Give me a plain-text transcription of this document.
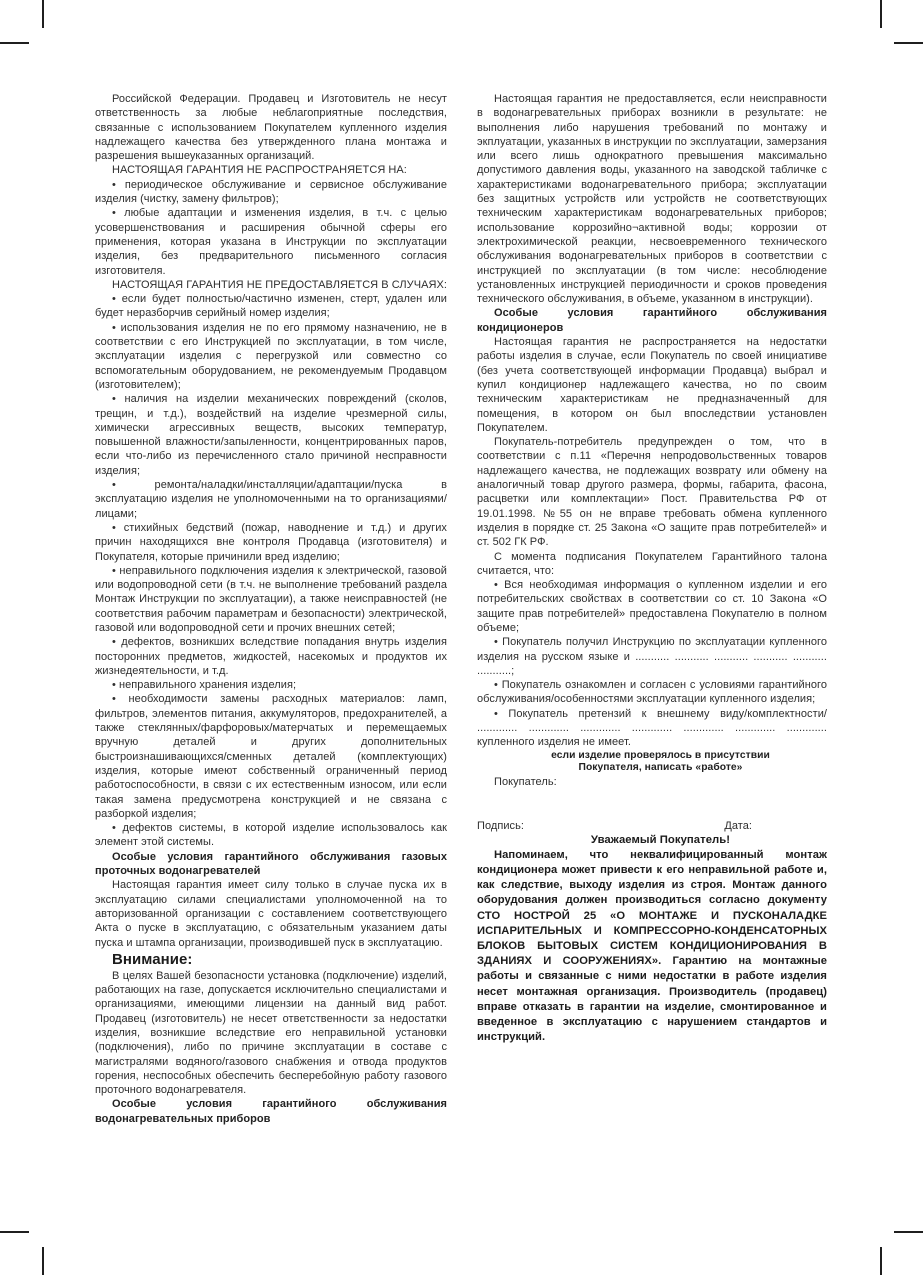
Российской Федерации. Продавец и Изготовитель не несут ответственность за любые неблагоприятные последствия, связанные с использованием Покупателем купленного изделия надлежащего качества без утвержденного плана монтажа и разрешения вышеуказанных организаций.

НАСТОЯЩАЯ ГАРАНТИЯ НЕ РАСПРОСТРАНЯЕТСЯ НА:

• периодическое обслуживание и сервисное обслуживание изделия (чистку, замену фильтров);

• любые адаптации и изменения изделия, в т.ч. с целью усовершенствования и расширения обычной сферы его применения, которая указана в Инструкции по эксплуатации изделия, без предварительного письменного согласия изготовителя.

НАСТОЯЩАЯ ГАРАНТИЯ НЕ ПРЕДОСТАВЛЯЕТСЯ В СЛУЧАЯХ:

• если будет полностью/частично изменен, стерт, удален или будет неразборчив серийный номер изделия;

• использования изделия не по его прямому назначению, не в соответствии с его Инструкцией по эксплуатации, в том числе, эксплуатации изделия с перегрузкой или совместно со вспомогательным оборудованием, не рекомендуемым Продавцом (изготовителем);

• наличия на изделии механических повреждений (сколов, трещин, и т.д.), воздействий на изделие чрезмерной силы, химически агрессивных веществ, высоких температур, повышенной влажности/запыленности, концентрированных паров, если что-либо из перечисленного стало причиной несправности изделия;

• ремонта/наладки/инсталляции/адаптации/пуска в эксплуатацию изделия не уполномоченными на то организациями/лицами;

• стихийных бедствий (пожар, наводнение и т.д.) и других причин находящихся вне контроля Продавца (изготовителя) и Покупателя, которые причинили вред изделию;

• неправильного подключения изделия к электрической, газовой или водопроводной сети (в т.ч. не выполнение требований раздела Монтаж Инструкции по эксплуатации), а также неисправностей (не соответствия рабочим параметрам и безопасности) электрической, газовой или водопроводной сети и прочих внешних сетей;

• дефектов, возникших вследствие попадания внутрь изделия посторонних предметов, жидкостей, насекомых и продуктов их жизнедеятельности, и т.д.

• неправильного хранения изделия;

• необходимости замены расходных материалов: ламп, фильтров, элементов питания, аккумуляторов, предохранителей, а также стеклянных/фарфоровых/матерчатых и перемещаемых вручную деталей и других дополнительных быстроизнашивающихся/сменных деталей (комплектующих) изделия, которые имеют собственный ограниченный период работоспособности, в связи с их естественным износом, или если такая замена предусмотрена конструкцией и не связана с разборкой изделия;

• дефектов системы, в которой изделие использовалось как элемент этой системы.

Особые условия гарантийного обслуживания газовых проточных водонагревателей

Настоящая гарантия имеет силу только в случае пуска их в эксплуатацию силами специалистами уполномоченной на то авторизованной организации с составлением соответствующего Акта о пуске в эксплуатацию, с обязательным указанием даты пуска и штампа организации, производившей пуск в эксплуатацию.

Внимание:

В целях Вашей безопасности установка (подключение) изделий, работающих на газе, допускается исключительно специалистами и организациями, имеющими лицензии на данный вид работ. Продавец (изготовитель) не несет ответственности за недостатки изделия, возникшие вследствие его неправильной установки (подключения), либо по причине эксплуатации в составе с магистралями водяного/газового снабжения и отвода продуктов горения, неспособных обеспечить бесперебойную работу газового проточного водонагревателя.

Особые условия гарантийного обслуживания водонагревательных приборов

Настоящая гарантия не предоставляется, если неисправности в водонагревательных приборах возникли в результате: не выполнения либо нарушения требований по монтажу и экплуатации, указанных в инструкции по эксплуатации, замерзания или всего лишь однократного превышения максимально допустимого давления воды, указанного на заводской табличке с характеристиками водонагревательного прибора; эксплуатации без защитных устройств или устройств не соответствующих техническим характеристикам водонагревательных приборов; использование коррозийно¬активной воды; коррозии от электрохимической реакции, несвоевременного технического обслуживания водонагревательных приборов в соответствии с инструкцией по эксплуатации (в том числе: несоблюдение установленных инструкцией периодичности и сроков проведения технического обслуживания, в объеме, указанном в инструкции).

Особые условия гарантийного обслуживания кондиционеров

Настоящая гарантия не распространяется на недостатки работы изделия в случае, если Покупатель по своей инициативе (без учета соответствующей информации Продавца) выбрал и купил кондиционер надлежащего качества, но по своим техническим характеристикам не предназначенный для помещения, в котором он был впоследствии установлен Покупателем.

Покупатель-потребитель предупрежден о том, что в соответствии с п.11 «Перечня непродовольственных товаров надлежащего качества, не подлежащих возврату или обмену на аналогичный товар другого размера, формы, габарита, фасона, расцветки или комплектации» Пост. Правительства РФ от 19.01.1998. №55 он не вправе требовать обмена купленного изделия в порядке ст. 25 Закона «О защите прав потребителей» и ст. 502 ГК РФ.

С момента подписания Покупателем Гарантийного талона считается, что:

• Вся необходимая информация о купленном изделии и его потребительских свойствах в соответствии со ст. 10 Закона «О защите прав потребителей» предоставлена Покупателю в полном объеме;

• Покупатель получил Инструкцию по эксплуатации купленного изделия на русском языке и ........... ........... ........... ........... ........... ...........;

• Покупатель ознакомлен и согласен с условиями гарантийного обслуживания/особенностями эксплуатации купленного изделия;

• Покупатель претензий к внешнему виду/комплектности/ ............. ............. ............. ............. ............. ............. ............. купленного изделия не имеет.

если изделие проверялось в присутствии

Покупателя, написать «работе»

Покупатель:

Подпись:	Дата:

Уважаемый Покупатель!

Напоминаем, что неквалифицированный монтаж кондиционера может привести к его неправильной работе и, как следствие, выходу изделия из строя. Монтаж данного оборудования должен производиться согласно документу СТО НОСТРОЙ 25 «О МОНТАЖЕ И ПУСКОНАЛАДКЕ ИСПАРИТЕЛЬНЫХ И КОМПРЕССОРНО-КОНДЕНСАТОРНЫХ БЛОКОВ БЫТОВЫХ СИСТЕМ КОНДИЦИОНИРОВАНИЯ В ЗДАНИЯХ И СООРУЖЕНИЯХ». Гарантию на монтажные работы и связанные с ними недостатки в работе изделия несет монтажная организация. Производитель (продавец) вправе отказать в гарантии на изделие, смонтированное и введенное в эксплуатацию с нарушением стандартов и инструкций.
